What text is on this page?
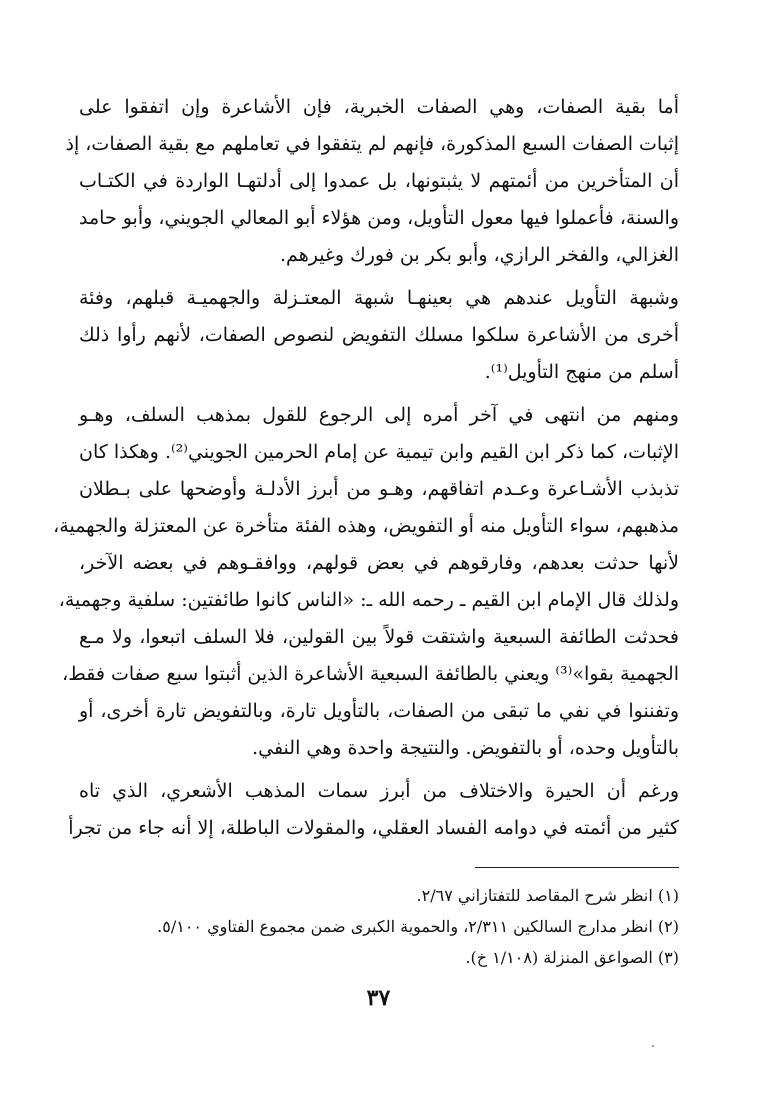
أما بقية الصفات، وهي الصفات الخبرية، فإن الأشاعرة وإن اتفقوا على
إثبات الصفات السبع المذكورة، فإنهم لم يتفقوا في تعاملهم مع بقية الصفات، إذ
أن المتأخرين من أئمتهم لا يثبتونها، بل عمدوا إلى أدلتهـا الواردة في الكتـاب
والسنة، فأعملوا فيها معول التأويل، ومن هؤلاء أبو المعالي الجويني، وأبو حامد
الغزالي، والفخر الرازي، وأبو بكر بن فورك وغيرهم.
وشبهة التأويل عندهم هي بعينهـا شبهة المعتـزلة والجهميـة قبلهم، وفئة
أخرى من الأشاعرة سلكوا مسلك التفويض لنصوص الصفات، لأنهم رأوا ذلك
أسلم من منهج التأويل⁽¹⁾.
ومنهم من انتهى في آخر أمره إلى الرجوع للقول بمذهب السلف، وهـو
الإثبات، كما ذكر ابن القيم وابن تيمية عن إمام الحرمين الجويني⁽²⁾. وهكذا كان
تذبذب الأشـاعرة وعـدم اتفاقهم، وهـو من أبرز الأدلـة وأوضحها على بـطلان
مذهبهم، سواء التأويل منه أو التفويض، وهذه الفئة متأخرة عن المعتزلة والجهمية،
لأنها حدثت بعدهم، وفارقوهم في بعض قولهم، ووافقـوهم في بعضه الآخر،
ولذلك قال الإمام ابن القيم ـ رحمه الله ـ: «الناس كانوا طائفتين: سلفية وجهمية،
فحدثت الطائفة السبعية واشتقت قولاً بين القولين، فلا السلف اتبعوا، ولا مـع
الجهمية بقوا»⁽³⁾ ويعني بالطائفة السبعية الأشاعرة الذين أثبتوا سبع صفات فقط،
وتفننوا في نفي ما تبقى من الصفات، بالتأويل تارة، وبالتفويض تارة أخرى، أو
بالتأويل وحده، أو بالتفويض. والنتيجة واحدة وهي النفي.
ورغم أن الحيرة والاختلاف من أبرز سمات المذهب الأشعري، الذي تاه
كثير من أئمته في دوامه الفساد العقلي، والمقولات الباطلة، إلا أنه جاء من تجرأ
(١) انظر شرح المقاصد للتفتازاني ٢/٦٧.
(٢) انظر مدارج السالكين ٢/٣١١، والحموية الكبرى ضمن مجموع الفتاوي ٥/١٠٠.
(٣) الصواعق المنزلة (١/١٠٨ خ).
٣٧
